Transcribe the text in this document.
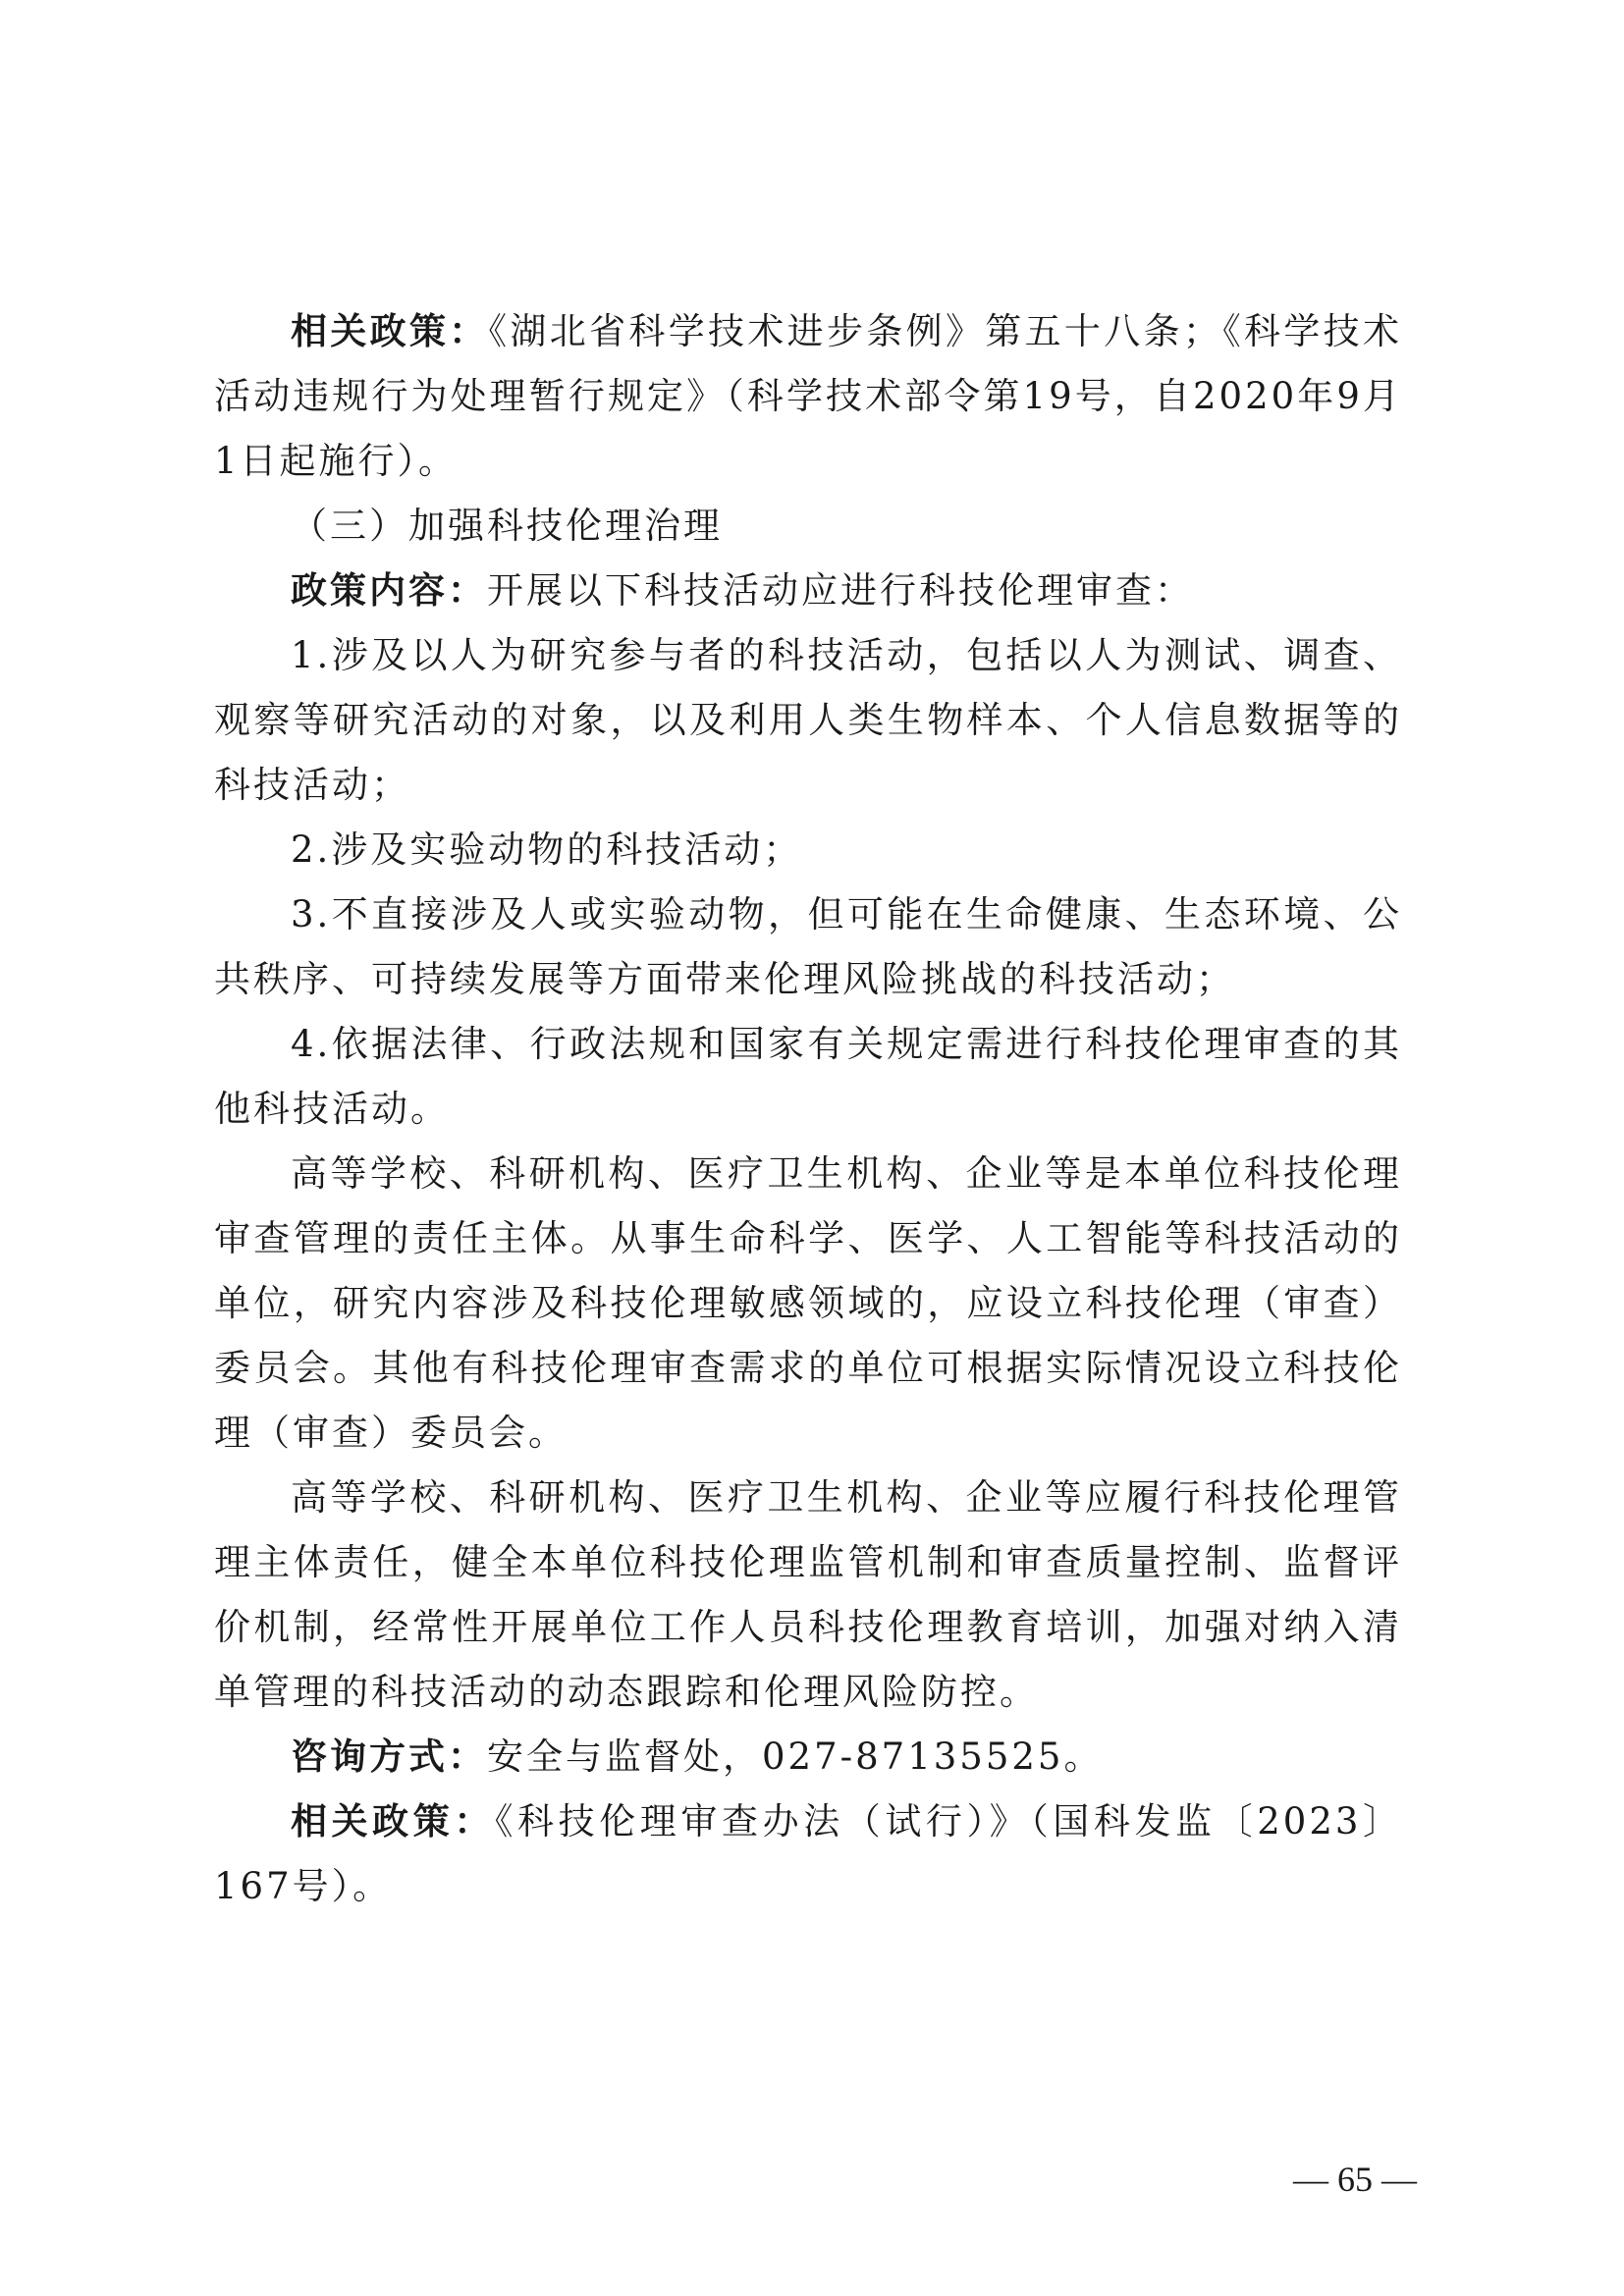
相关政策：《湖北省科学技术进步条例》第五十八条；《科学技术活动违规行为处理暂行规定》（科学技术部令第19号，自2020年9月1日起施行）。

（三）加强科技伦理治理

政策内容：开展以下科技活动应进行科技伦理审查：

1.涉及以人为研究参与者的科技活动，包括以人为测试、调查、观察等研究活动的对象，以及利用人类生物样本、个人信息数据等的科技活动；

2.涉及实验动物的科技活动；

3.不直接涉及人或实验动物，但可能在生命健康、生态环境、公共秩序、可持续发展等方面带来伦理风险挑战的科技活动；

4.依据法律、行政法规和国家有关规定需进行科技伦理审查的其他科技活动。

高等学校、科研机构、医疗卫生机构、企业等是本单位科技伦理审查管理的责任主体。从事生命科学、医学、人工智能等科技活动的单位，研究内容涉及科技伦理敏感领域的，应设立科技伦理（审查）委员会。其他有科技伦理审查需求的单位可根据实际情况设立科技伦理（审查）委员会。

高等学校、科研机构、医疗卫生机构、企业等应履行科技伦理管理主体责任，健全本单位科技伦理监管机制和审查质量控制、监督评价机制，经常性开展单位工作人员科技伦理教育培训，加强对纳入清单管理的科技活动的动态跟踪和伦理风险防控。

咨询方式：安全与监督处，027-87135525。

相关政策：《科技伦理审查办法（试行）》（国科发监〔2023〕167号）。

— 65 —
